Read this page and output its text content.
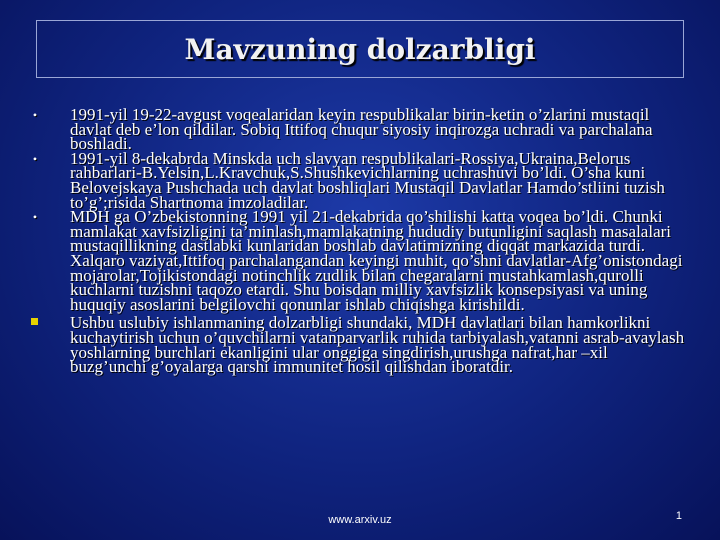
Mavzuning dolzarbligi
• 1991-yil 19-22-avgust voqealaridan keyin respublikalar birin-ketin o’zlarini mustaqil davlat deb e’lon qildilar. Sobiq Ittifoq chuqur siyosiy inqirozga uchradi va parchalana boshladi.
• 1991-yil 8-dekabrda Minskda uch slavyan respublikalari-Rossiya,Ukraina,Belorus rahbarlari-B.Yelsin,L.Kravchuk,S.Shushkevichlarning uchrashuvi bo’ldi. O’sha kuni Belovejskaya Pushchada uch davlat boshliqlari Mustaqil Davlatlar Hamdo’stliini tuzish to’g’;risida Shartnoma imzoladilar.
• MDH ga O’zbekistonning 1991 yil 21-dekabrida qo’shilishi katta voqea bo’ldi. Chunki mamlakat xavfsizligini ta’minlash,mamlakatning hududiy butunligini saqlash masalalari mustaqillikning dastlabki kunlaridan boshlab davlatimizning diqqat markazida turdi. Xalqaro vaziyat,Ittifoq parchalangandan keyingi muhit, qo’shni davlatlar-Afg’onistondagi mojarolar,Tojikistondagi notinchlik zudlik bilan chegaralarni mustahkamlash,qurolli kuchlarni tuzishni taqozo etardi. Shu boisdan milliy xavfsizlik konsepsiyasi va uning huquqiy asoslarini belgilovchi qonunlar ishlab chiqishga kirishildi.
Ushbu uslubiy ishlanmaning dolzarbligi shundaki, MDH davlatlari bilan hamkorlikni kuchaytirish uchun o’quvchilarni vatanparvarlik ruhida tarbiyalash,vatanni asrab-avaylash yoshlarning burchlari ekanligini ular onggiga singdirish,urushga nafrat,har –xil buzg’unchi g’oyalarga qarshi immunitet hosil qilishdan iboratdir.
www.arxiv.uz	1
